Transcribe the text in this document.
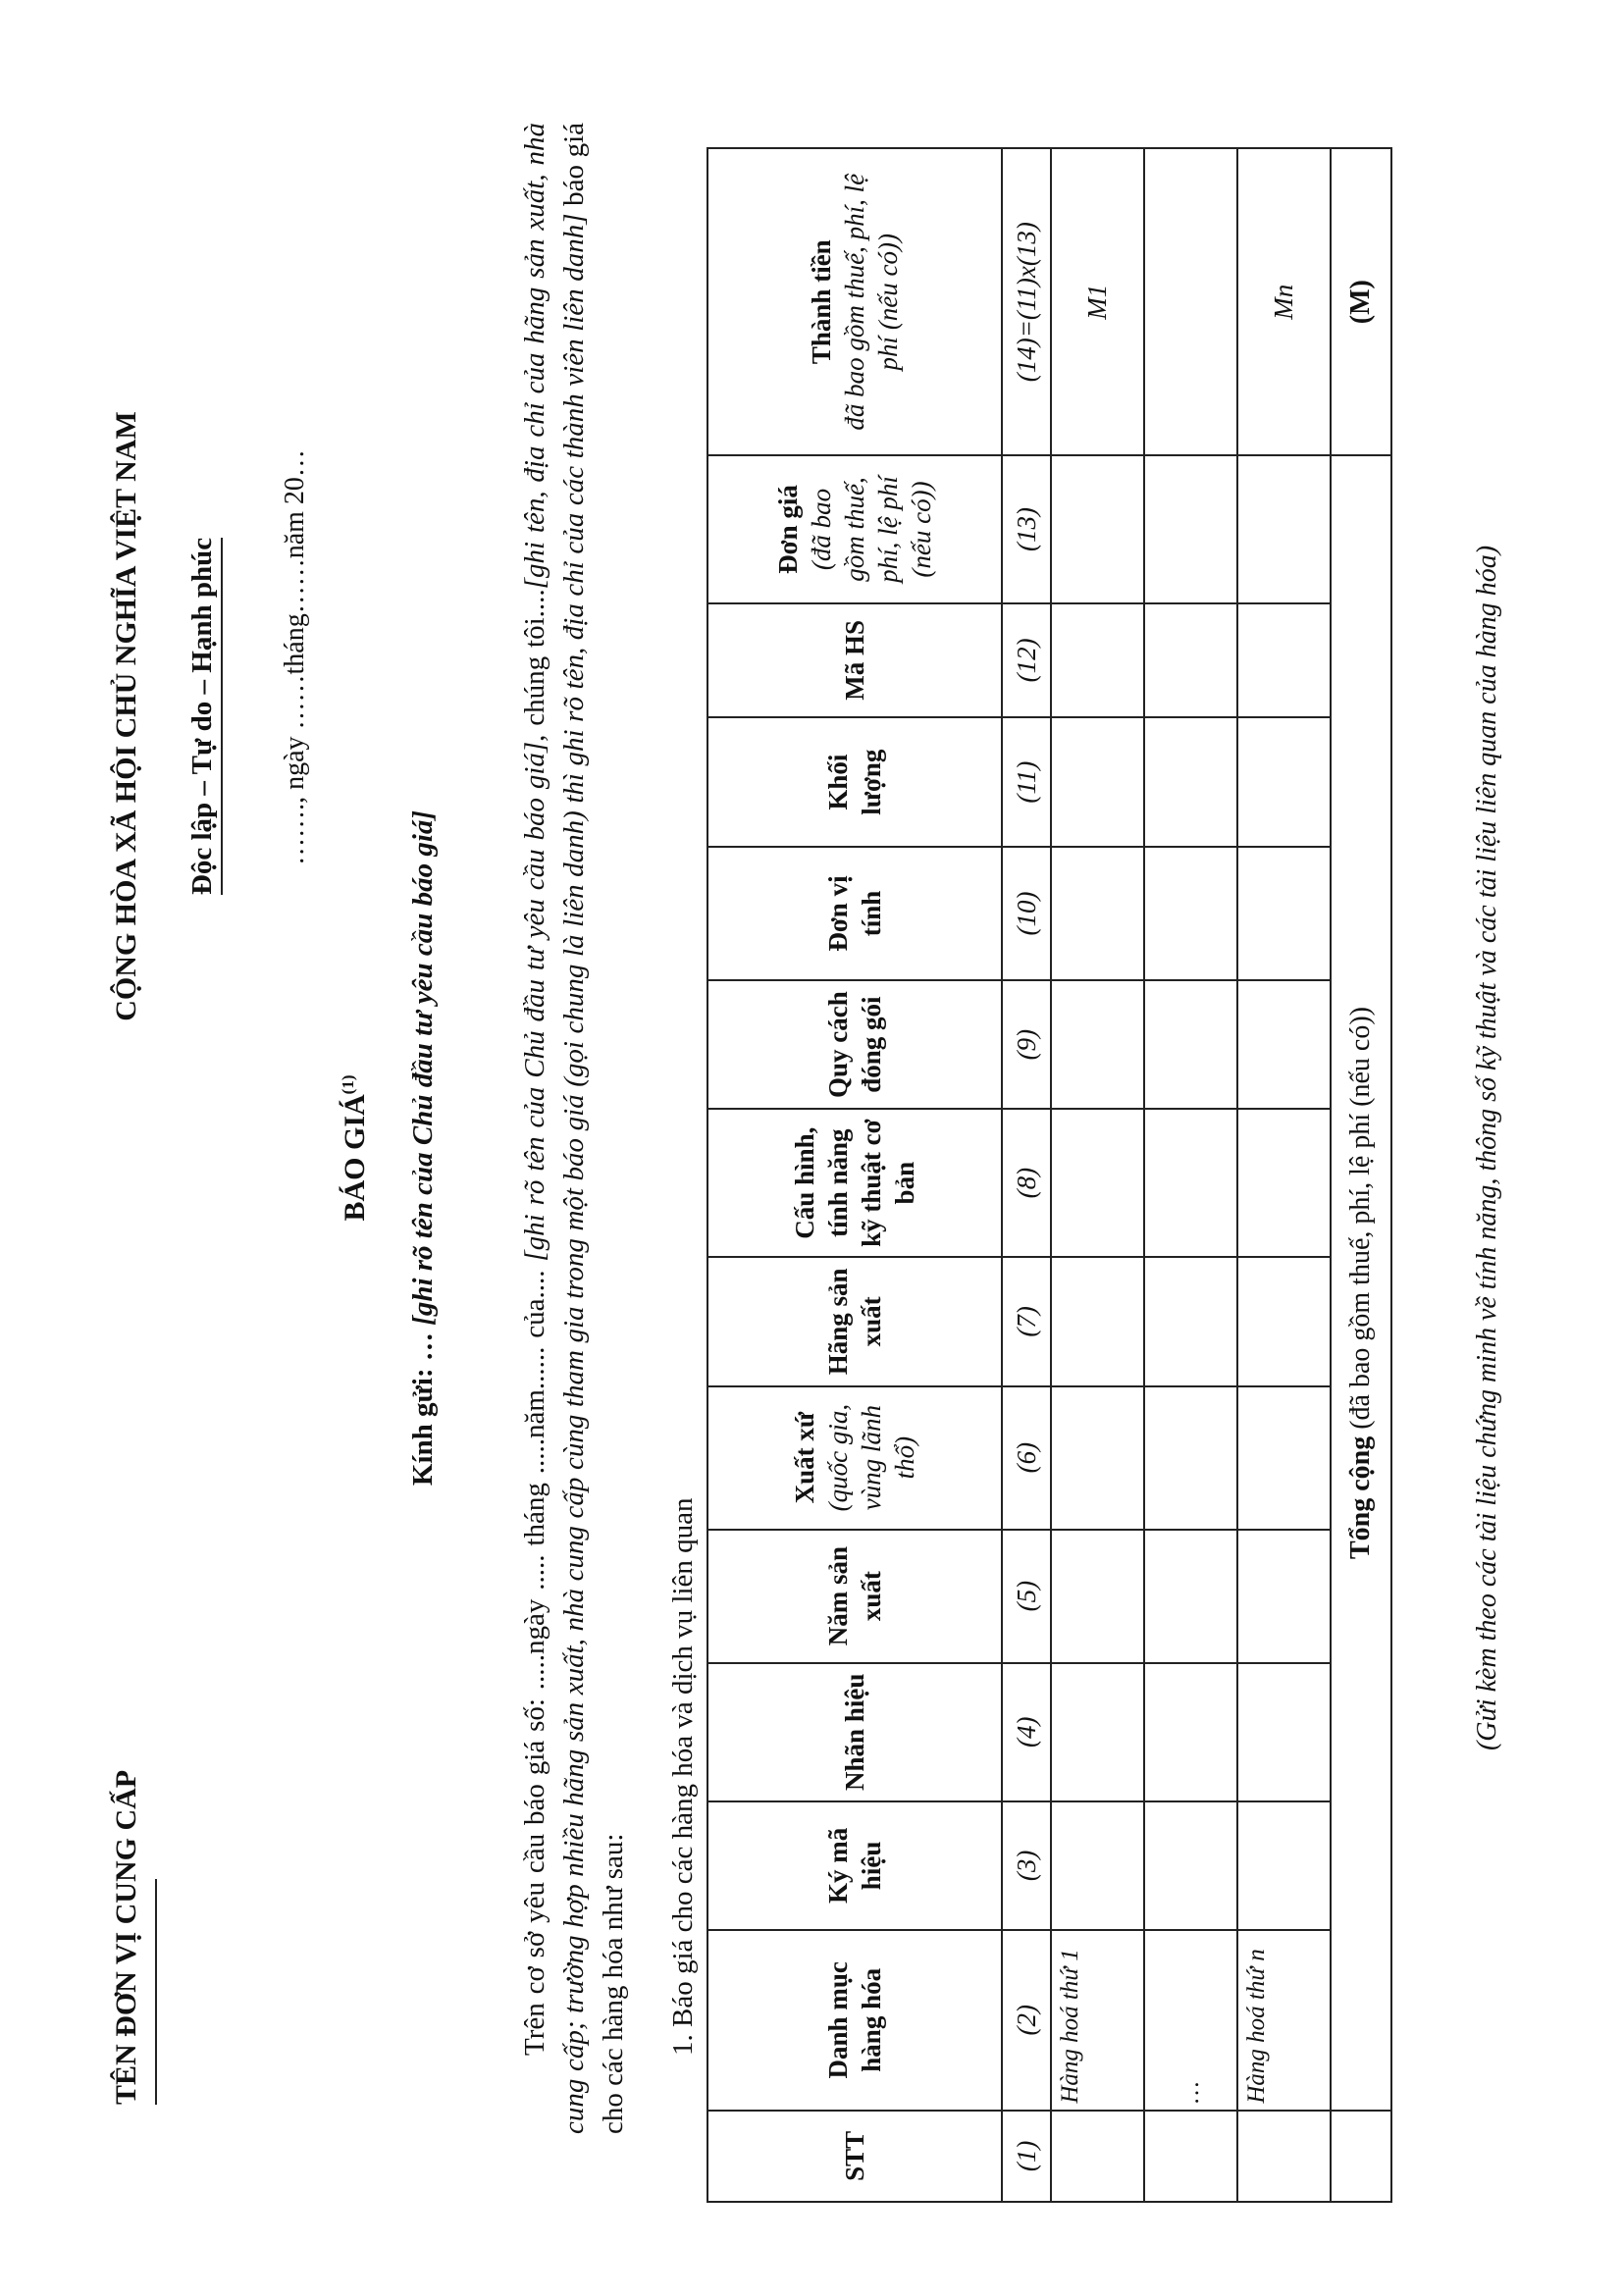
TÊN ĐƠN VỊ CUNG CẤP
CỘNG HÒA XÃ HỘI CHỦ NGHĨA VIỆT NAM Độc lập – Tự do – Hạnh phúc ……., ngày ……tháng……năm 20…
BÁO GIÁ$^{(1)}$
Kính gửi: … [ghi rõ tên của Chủ đầu tư yêu cầu báo giá]
Trên cơ sở yêu cầu báo giá số: .....ngày ..... tháng .....năm...... của.... [ghi rõ tên của Chủ đầu tư yêu cầu báo giá], chúng tôi....[ghi tên, địa chỉ của hãng sản xuất, nhà cung cấp; trường hợp nhiều hãng sản xuất, nhà cung cấp cùng tham gia trong một báo giá (gọi chung là liên danh) thì ghi rõ tên, địa chỉ của các thành viên liên danh] báo giá cho các hàng hóa như sau: 1. Báo giá cho các hàng hóa và dịch vụ liên quan
STT	Danh mục hàng hóa	Ký mã hiệu	Nhãn hiệu	Năm sản xuất	Xuất xứ (quốc gia, vùng lãnh thổ)	Hãng sản xuất	Cấu hình, tính năng kỹ thuật cơ bản	Quy cách đóng gói	Đơn vị tính	Khối lượng	Mã HS	Đơn giá (đã bao gồm thuế, phí, lệ phí (nếu có))	Thành tiền đã bao gồm thuế, phí, lệ phí (nếu có))
(1)	(2)	(3)	(4)	(5)	(6)	(7)	(8)	(9)	(10)	(11)	(12)	(13)	(14)=(11)x(13)
	Hàng hoá thứ 1												M1
	…												
	Hàng hoá thứ n												Mn
	Tổng cộng (đã bao gồm thuế, phí, lệ phí (nếu có))												(M)
(Gửi kèm theo các tài liệu chứng minh về tính năng, thông số kỹ thuật và các tài liệu liên quan của hàng hóa)
